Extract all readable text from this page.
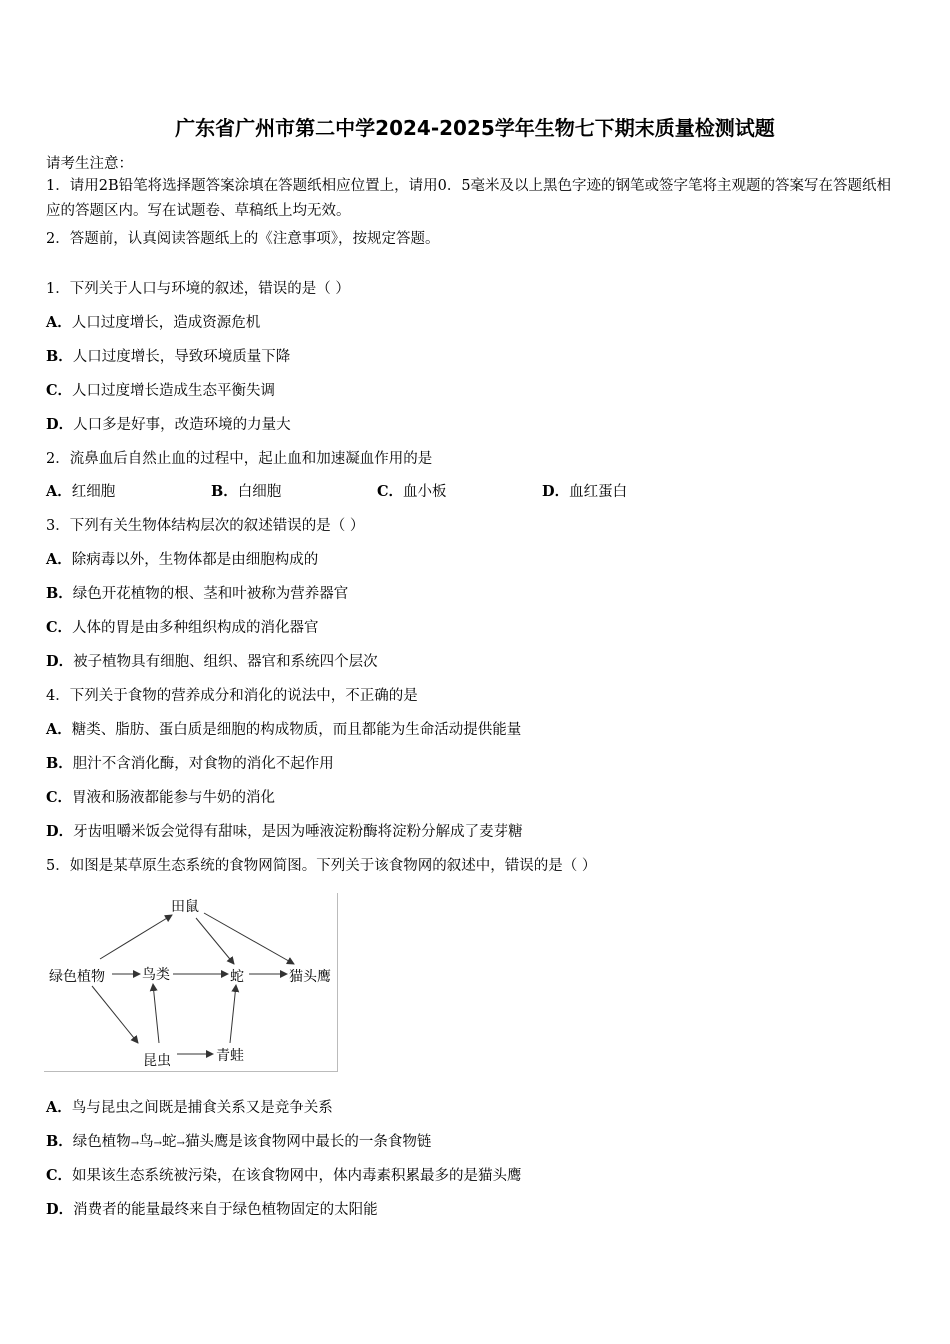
广东省广州市第二中学2024-2025学年生物七下期末质量检测试题
请考生注意：
1．请用2B铅笔将选择题答案涂填在答题纸相应位置上，请用0．5毫米及以上黑色字迹的钢笔或签字笔将主观题的答案写在答题纸相应的答题区内。写在试题卷、草稿纸上均无效。
2．答题前，认真阅读答题纸上的《注意事项》，按规定答题。
1．下列关于人口与环境的叙述，错误的是（ ）
A．人口过度增长，造成资源危机
B．人口过度增长，导致环境质量下降
C．人口过度增长造成生态平衡失调
D．人口多是好事，改造环境的力量大
2．流鼻血后自然止血的过程中，起止血和加速凝血作用的是
A．红细胞	B．白细胞	C．血小板	D．血红蛋白
3．下列有关生物体结构层次的叙述错误的是（ ）
A．除病毒以外，生物体都是由细胞构成的
B．绿色开花植物的根、茎和叶被称为营养器官
C．人体的胃是由多种组织构成的消化器官
D．被子植物具有细胞、组织、器官和系统四个层次
4．下列关于食物的营养成分和消化的说法中，不正确的是
A．糖类、脂肪、蛋白质是细胞的构成物质，而且都能为生命活动提供能量
B．胆汁不含消化酶，对食物的消化不起作用
C．胃液和肠液都能参与牛奶的消化
D．牙齿咀嚼米饭会觉得有甜味，是因为唾液淀粉酶将淀粉分解成了麦芽糖
5．如图是某草原生态系统的食物网简图。下列关于该食物网的叙述中，错误的是（ ）
田鼠
绿色植物	鸟类	蛇	猫头鹰
昆虫	青蛙
A．鸟与昆虫之间既是捕食关系又是竞争关系
B．绿色植物→鸟→蛇→猫头鹰是该食物网中最长的一条食物链
C．如果该生态系统被污染，在该食物网中，体内毒素积累最多的是猫头鹰
D．消费者的能量最终来自于绿色植物固定的太阳能
